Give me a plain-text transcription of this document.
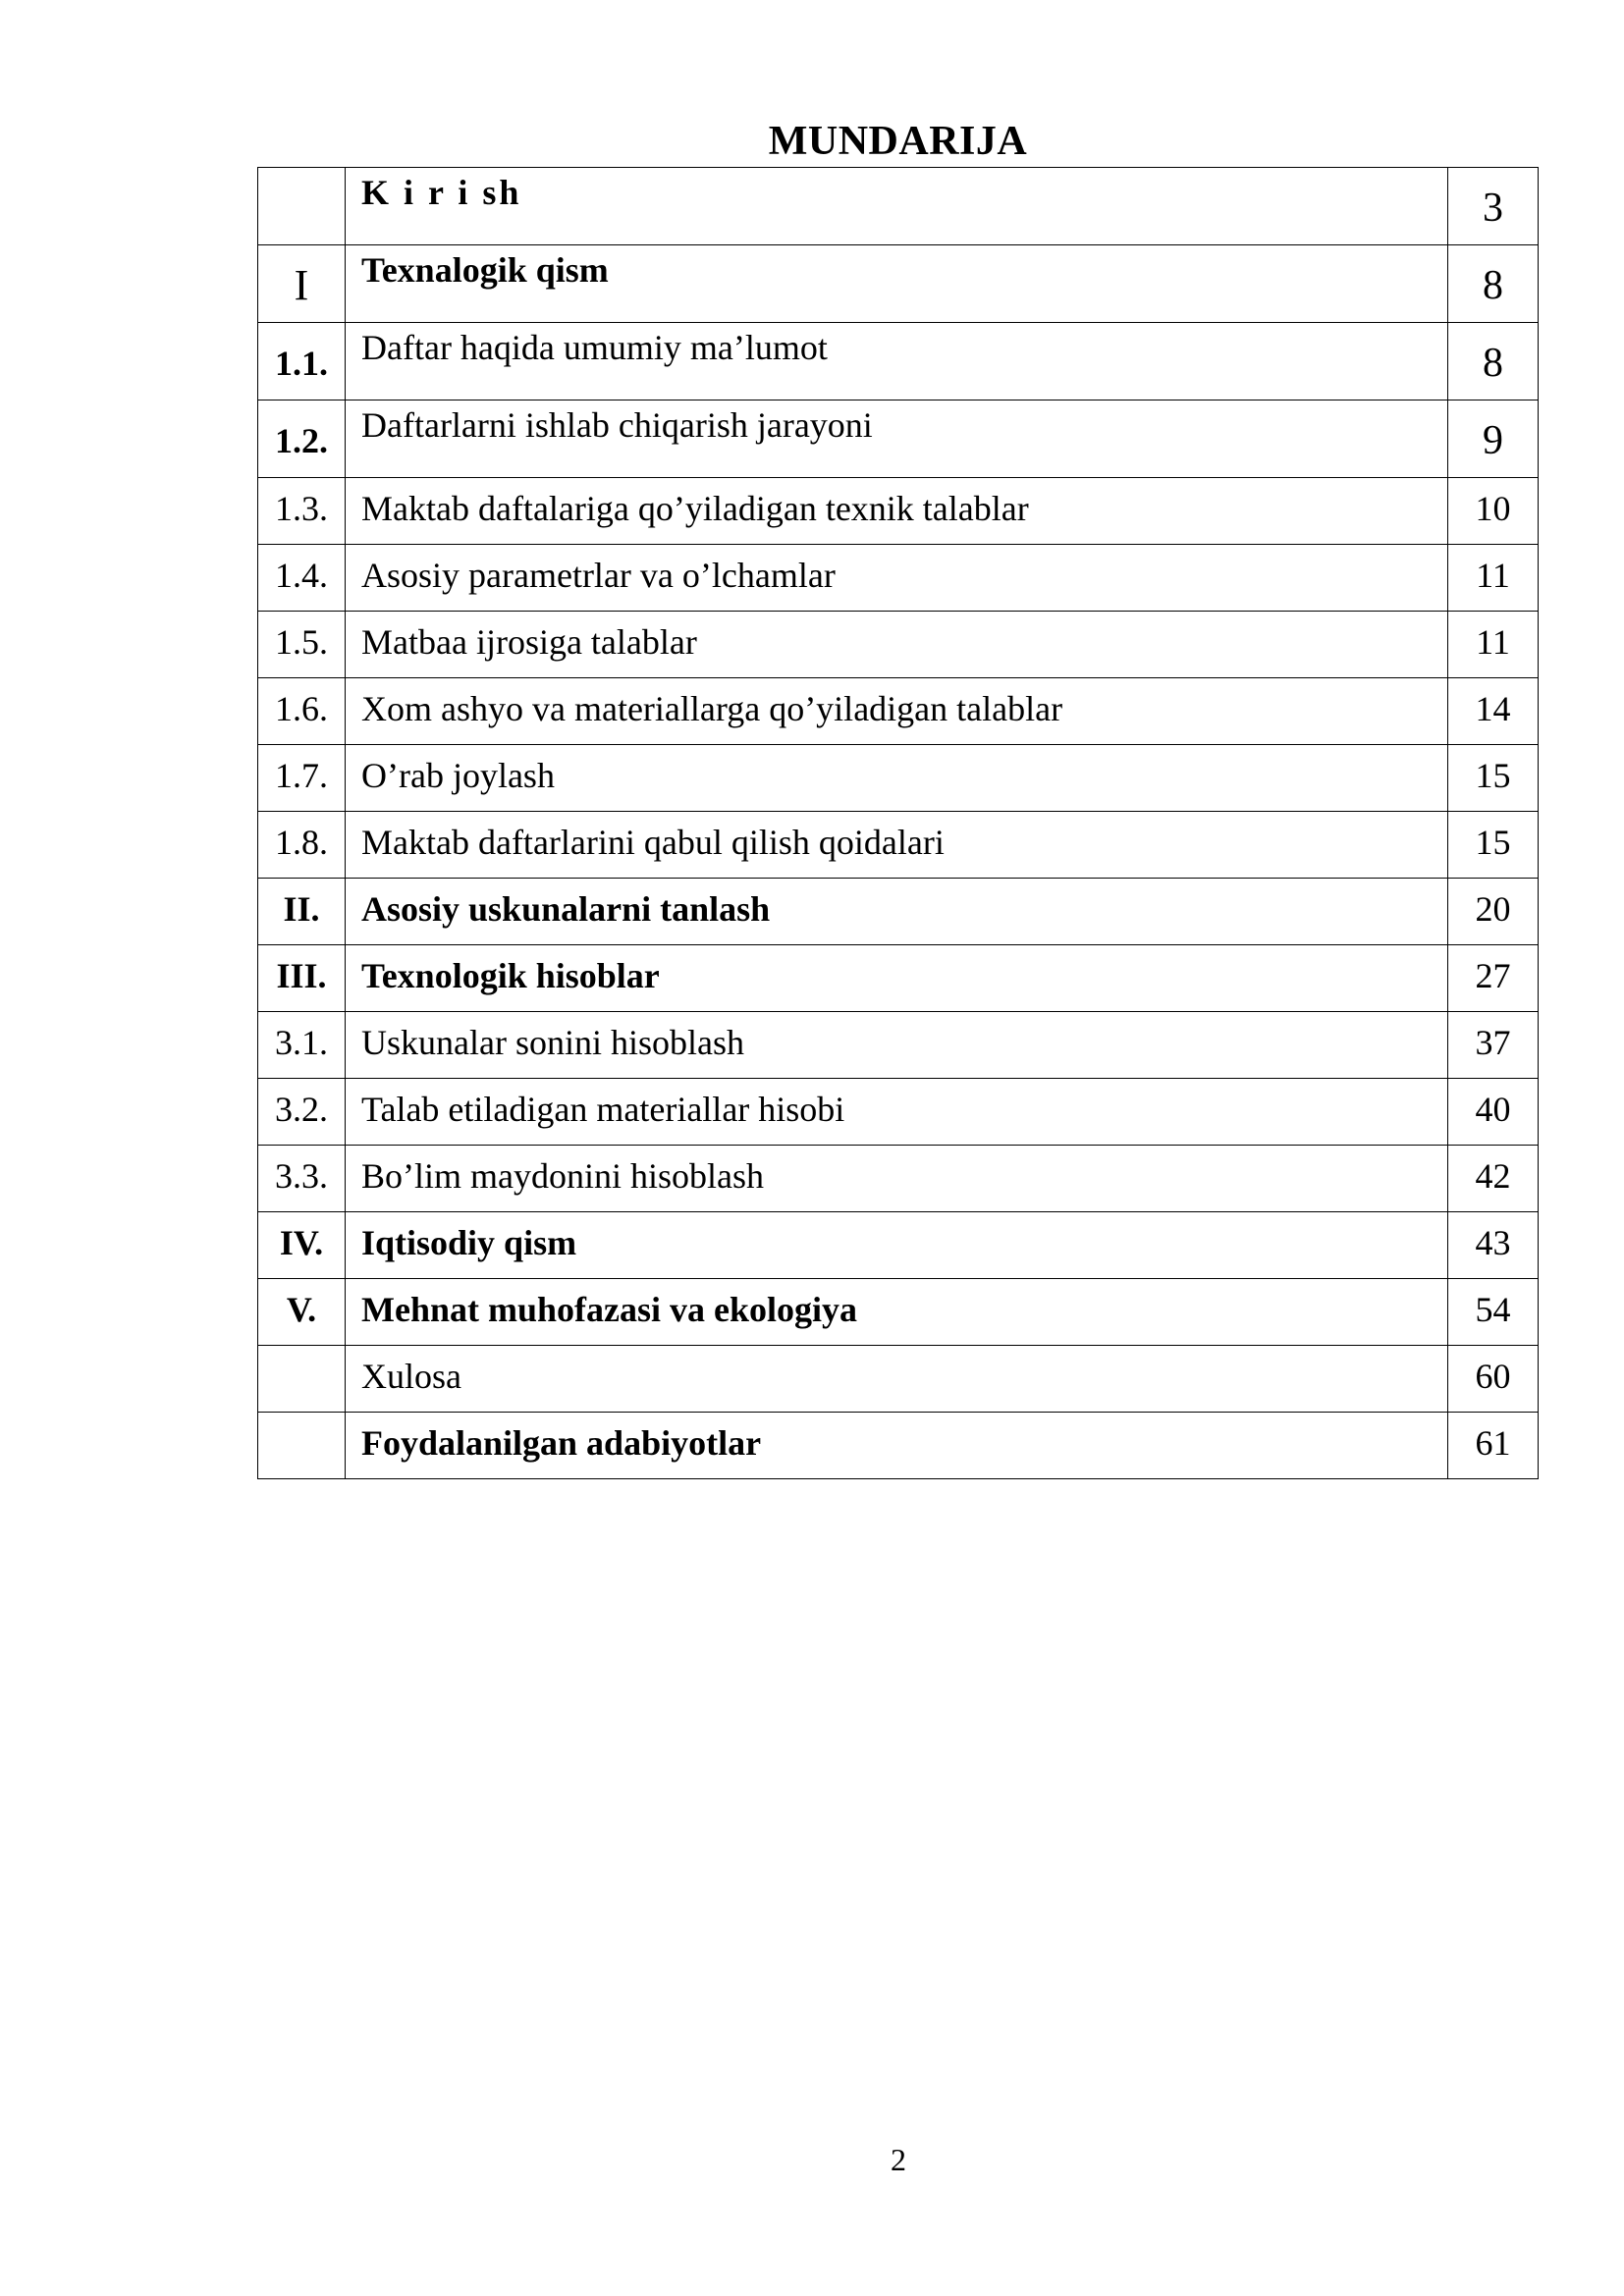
MUNDARIJA
	K i r i sh	3
I	Texnalogik qism	8
1.1.	Daftar haqida umumiy ma’lumot	8
1.2.	Daftarlarni ishlab chiqarish jarayoni	9
1.3.	Maktab daftalariga qo’yiladigan texnik talablar	10
1.4.	Asosiy parametrlar va o’lchamlar	11
1.5.	Matbaa ijrosiga talablar	11
1.6.	Xom ashyo va materiallarga qo’yiladigan talablar	14
1.7.	O’rab joylash	15
1.8.	Maktab daftarlarini qabul qilish qoidalari	15
II.	Asosiy uskunalarni tanlash	20
III.	Texnologik hisoblar	27
3.1.	Uskunalar sonini hisoblash	37
3.2.	Talab etiladigan materiallar hisobi	40
3.3.	Bo’lim maydonini hisoblash	42
IV.	Iqtisodiy qism	43
V.	Mehnat muhofazasi va ekologiya	54
	Xulosa	60
	Foydalanilgan adabiyotlar	61
2
